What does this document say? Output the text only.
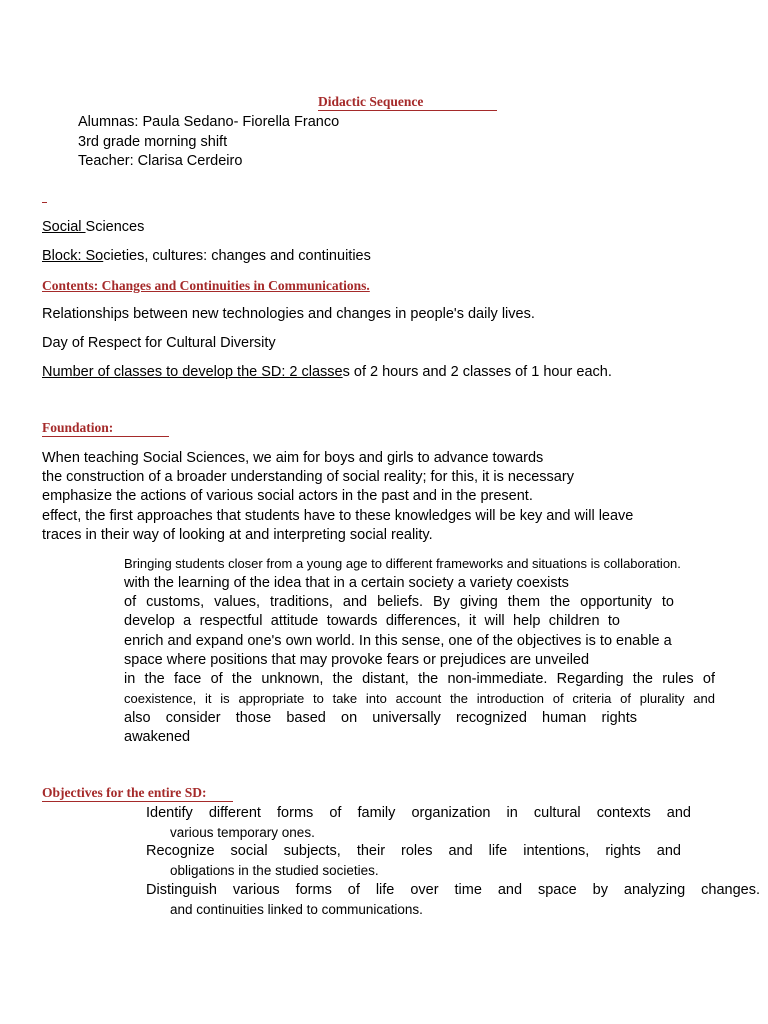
Didactic Sequence
Alumnas: Paula Sedano- Fiorella Franco
3rd grade morning shift
Teacher: Clarisa Cerdeiro
Social Sciences
Block: Societies, cultures: changes and continuities
Contents: Changes and Continuities in Communications.
Relationships between new technologies and changes in people's daily lives.
Day of Respect for Cultural Diversity
Number of classes to develop the SD: 2 classes of 2 hours and 2 classes of 1 hour each.
Foundation:
When teaching Social Sciences, we aim for boys and girls to advance towards
the construction of a broader understanding of social reality; for this, it is necessary
emphasize the actions of various social actors in the past and in the present.
effect, the first approaches that students have to these knowledges will be key and will leave
traces in their way of looking at and interpreting social reality.
Bringing students closer from a young age to different frameworks and situations is collaboration.
with the learning of the idea that in a certain society a variety coexists
of customs, values, traditions, and beliefs. By giving them the opportunity to
develop a respectful attitude towards differences, it will help children to
enrich and expand one's own world. In this sense, one of the objectives is to enable a
space where positions that may provoke fears or prejudices are unveiled
in the face of the unknown, the distant, the non-immediate. Regarding the rules of
coexistence, it is appropriate to take into account the introduction of criteria of plurality and
also consider those based on universally recognized human rights
awakened
Objectives for the entire SD:
Identify different forms of family organization in cultural contexts and
various temporary ones.
Recognize social subjects, their roles and life intentions, rights and
obligations in the studied societies.
Distinguish various forms of life over time and space by analyzing changes.
and continuities linked to communications.
